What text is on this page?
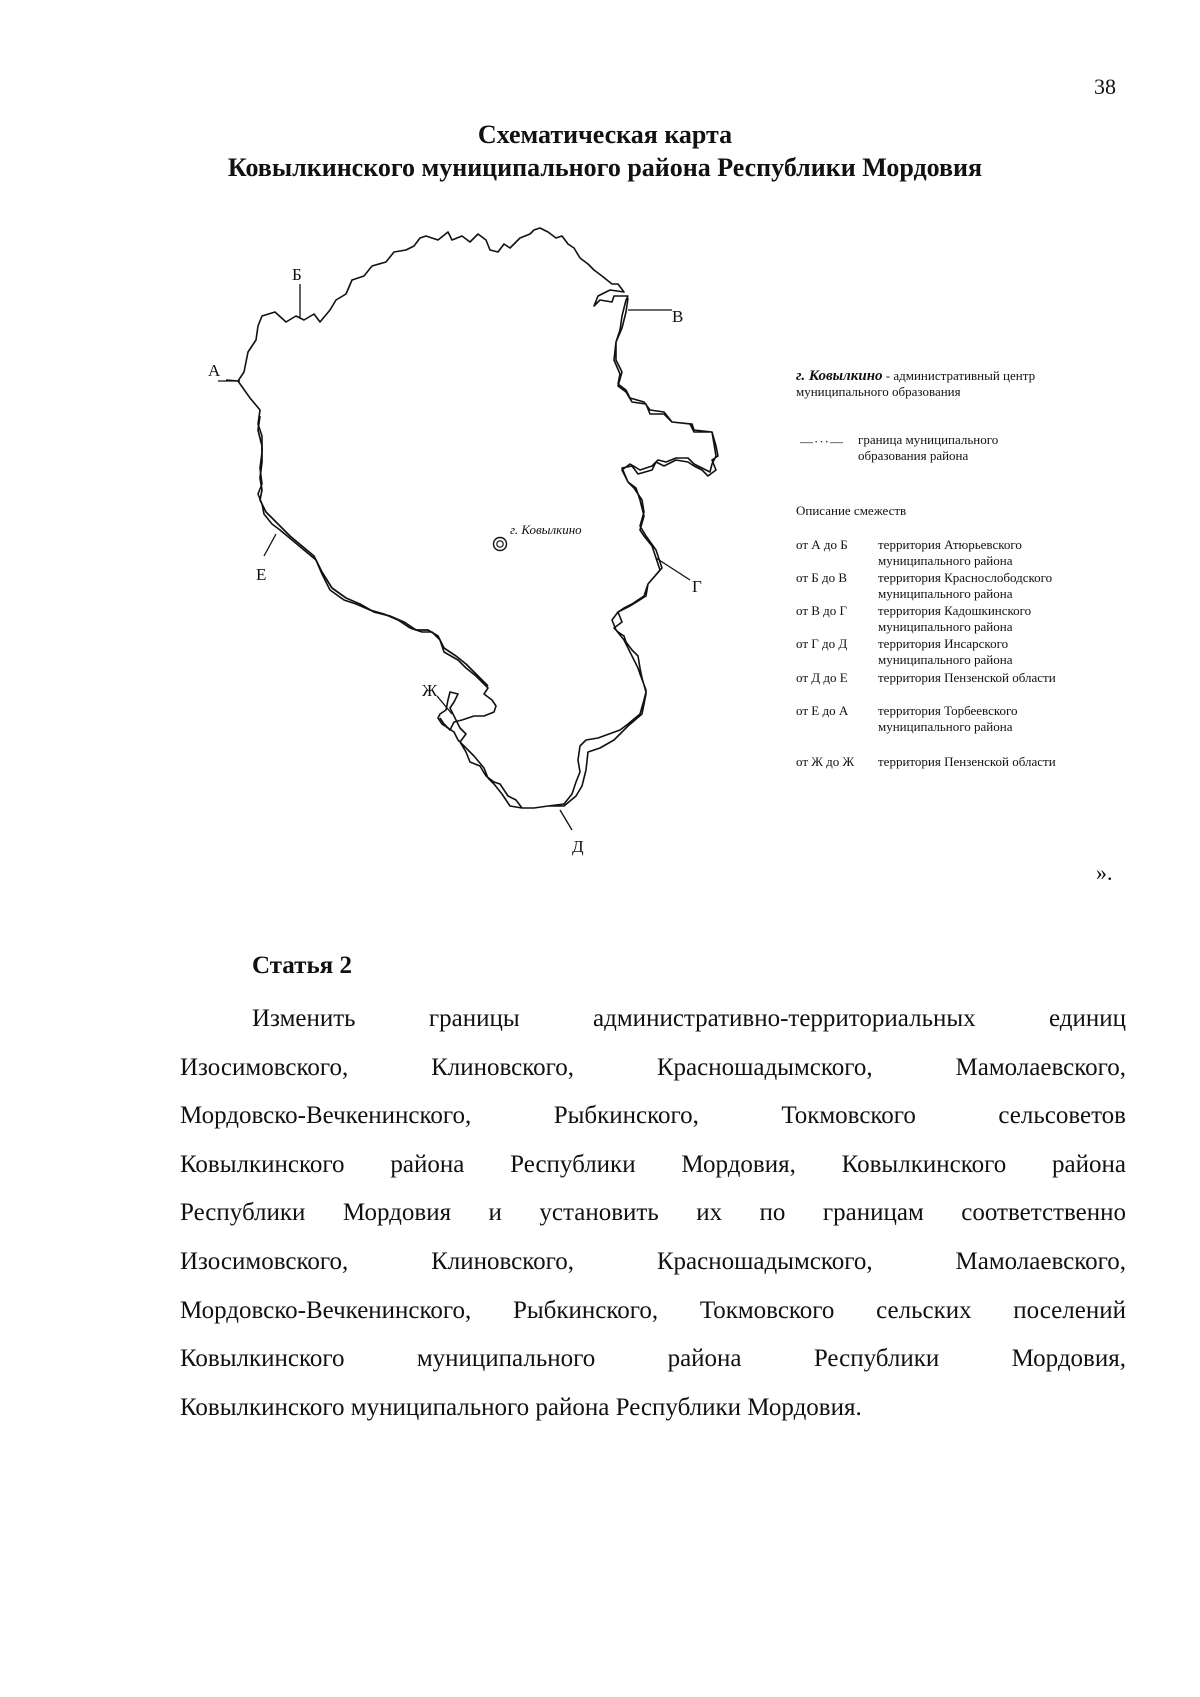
38
Схематическая карта
Ковылкинского муниципального района Республики Мордовия
А
Б
В
Г
Д
Е
Ж
г. Ковылкино
г. Ковылкино - административный центр муниципального образования
—···— граница муниципального образования района
Описание смежеств
от А до Б территория Атюрьевского муниципального района
от Б до В территория Краснослободского муниципального района
от В до Г территория Кадошкинского муниципального района
от Г до Д территория Инсарского муниципального района
от Д до Е территория Пензенской области
от Е до А территория Торбеевского муниципального района
от Ж до Ж территория Пензенской области
».
Статья 2
Изменить границы административно-территориальных единиц
Изосимовского, Клиновского, Красношадымского, Мамолаевского,
Мордовско-Вечкенинского, Рыбкинского, Токмовского сельсоветов
Ковылкинского района Республики Мордовия, Ковылкинского района
Республики Мордовия и установить их по границам соответственно
Изосимовского, Клиновского, Красношадымского, Мамолаевского,
Мордовско-Вечкенинского, Рыбкинского, Токмовского сельских поселений
Ковылкинского муниципального района Республики Мордовия,
Ковылкинского муниципального района Республики Мордовия.
